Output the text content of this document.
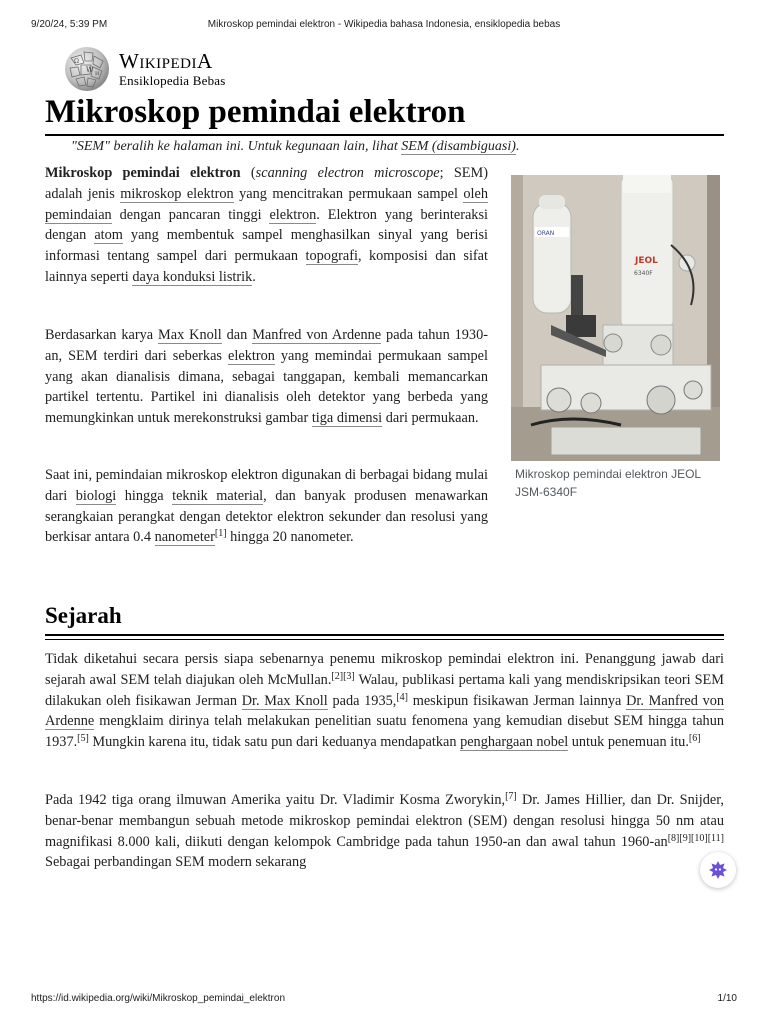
9/20/24, 5:39 PM	Mikroskop pemindai elektron - Wikipedia bahasa Indonesia, ensiklopedia bebas
Ω
W И
WikipediA
Ensiklopedia Bebas
Mikroskop pemindai elektron
"SEM" beralih ke halaman ini. Untuk kegunaan lain, lihat SEM (disambiguasi).

Mikroskop pemindai elektron (scanning electron microscope; SEM) adalah jenis mikroskop elektron yang mencitrakan permukaan sampel oleh pemindaian dengan pancaran tinggi elektron. Elektron yang berinteraksi dengan atom yang membentuk sampel menghasilkan sinyal yang berisi informasi tentang sampel dari permukaan topografi, komposisi dan sifat lainnya seperti daya konduksi listrik.

Berdasarkan karya Max Knoll dan Manfred von Ardenne pada tahun 1930-an, SEM terdiri dari seberkas elektron yang memindai permukaan sampel yang akan dianalisis dimana, sebagai tanggapan, kembali memancarkan partikel tertentu. Partikel ini dianalisis oleh detektor yang berbeda yang memungkinkan untuk merekonstruksi gambar tiga dimensi dari permukaan.

Saat ini, pemindaian mikroskop elektron digunakan di berbagai bidang mulai dari biologi hingga teknik material, dan banyak produsen menawarkan serangkaian perangkat dengan detektor elektron sekunder dan resolusi yang berkisar antara 0.4 nanometer[1] hingga 20 nanometer.

ORAN
JEOL
6340F
Mikroskop pemindai elektron JEOL JSM-6340F
Sejarah

Tidak diketahui secara persis siapa sebenarnya penemu mikroskop pemindai elektron ini. Penanggung jawab dari sejarah awal SEM telah diajukan oleh McMullan.[2][3] Walau, publikasi pertama kali yang mendiskripsikan teori SEM dilakukan oleh fisikawan Jerman Dr. Max Knoll pada 1935,[4] meskipun fisikawan Jerman lainnya Dr. Manfred von Ardenne mengklaim dirinya telah melakukan penelitian suatu fenomena yang kemudian disebut SEM hingga tahun 1937.[5] Mungkin karena itu, tidak satu pun dari keduanya mendapatkan penghargaan nobel untuk penemuan itu.[6]

Pada 1942 tiga orang ilmuwan Amerika yaitu Dr. Vladimir Kosma Zworykin,[7] Dr. James Hillier, dan Dr. Snijder, benar-benar membangun sebuah metode mikroskop pemindai elektron (SEM) dengan resolusi hingga 50 nm atau magnifikasi 8.000 kali, diikuti dengan kelompok Cambridge pada tahun 1950-an dan awal tahun 1960-an[8][9][10][11] Sebagai perbandingan SEM modern sekarang

https://id.wikipedia.org/wiki/Mikroskop_pemindai_elektron	1/10
